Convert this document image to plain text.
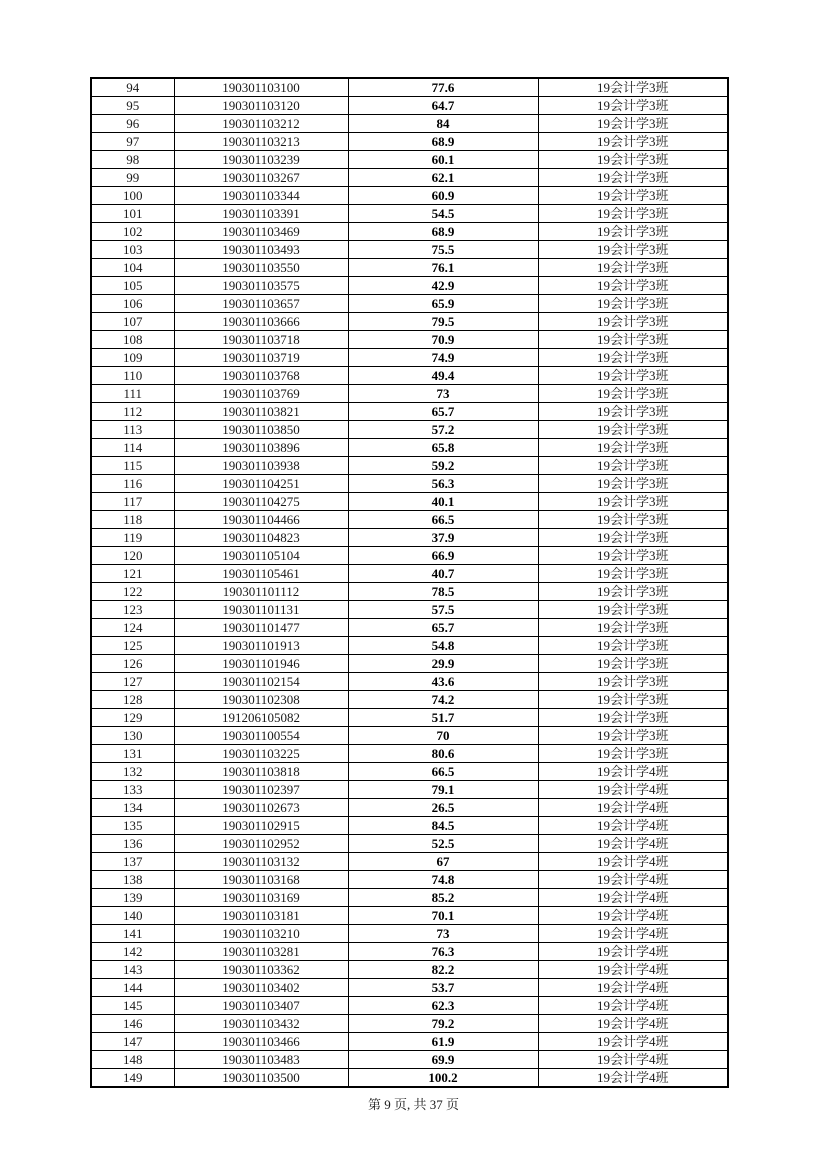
94	190301103100	77.6	19会计学3班
95	190301103120	64.7	19会计学3班
96	190301103212	84	19会计学3班
97	190301103213	68.9	19会计学3班
98	190301103239	60.1	19会计学3班
99	190301103267	62.1	19会计学3班
100	190301103344	60.9	19会计学3班
101	190301103391	54.5	19会计学3班
102	190301103469	68.9	19会计学3班
103	190301103493	75.5	19会计学3班
104	190301103550	76.1	19会计学3班
105	190301103575	42.9	19会计学3班
106	190301103657	65.9	19会计学3班
107	190301103666	79.5	19会计学3班
108	190301103718	70.9	19会计学3班
109	190301103719	74.9	19会计学3班
110	190301103768	49.4	19会计学3班
111	190301103769	73	19会计学3班
112	190301103821	65.7	19会计学3班
113	190301103850	57.2	19会计学3班
114	190301103896	65.8	19会计学3班
115	190301103938	59.2	19会计学3班
116	190301104251	56.3	19会计学3班
117	190301104275	40.1	19会计学3班
118	190301104466	66.5	19会计学3班
119	190301104823	37.9	19会计学3班
120	190301105104	66.9	19会计学3班
121	190301105461	40.7	19会计学3班
122	190301101112	78.5	19会计学3班
123	190301101131	57.5	19会计学3班
124	190301101477	65.7	19会计学3班
125	190301101913	54.8	19会计学3班
126	190301101946	29.9	19会计学3班
127	190301102154	43.6	19会计学3班
128	190301102308	74.2	19会计学3班
129	191206105082	51.7	19会计学3班
130	190301100554	70	19会计学3班
131	190301103225	80.6	19会计学3班
132	190301103818	66.5	19会计学4班
133	190301102397	79.1	19会计学4班
134	190301102673	26.5	19会计学4班
135	190301102915	84.5	19会计学4班
136	190301102952	52.5	19会计学4班
137	190301103132	67	19会计学4班
138	190301103168	74.8	19会计学4班
139	190301103169	85.2	19会计学4班
140	190301103181	70.1	19会计学4班
141	190301103210	73	19会计学4班
142	190301103281	76.3	19会计学4班
143	190301103362	82.2	19会计学4班
144	190301103402	53.7	19会计学4班
145	190301103407	62.3	19会计学4班
146	190301103432	79.2	19会计学4班
147	190301103466	61.9	19会计学4班
148	190301103483	69.9	19会计学4班
149	190301103500	100.2	19会计学4班
第 9 页, 共 37 页
